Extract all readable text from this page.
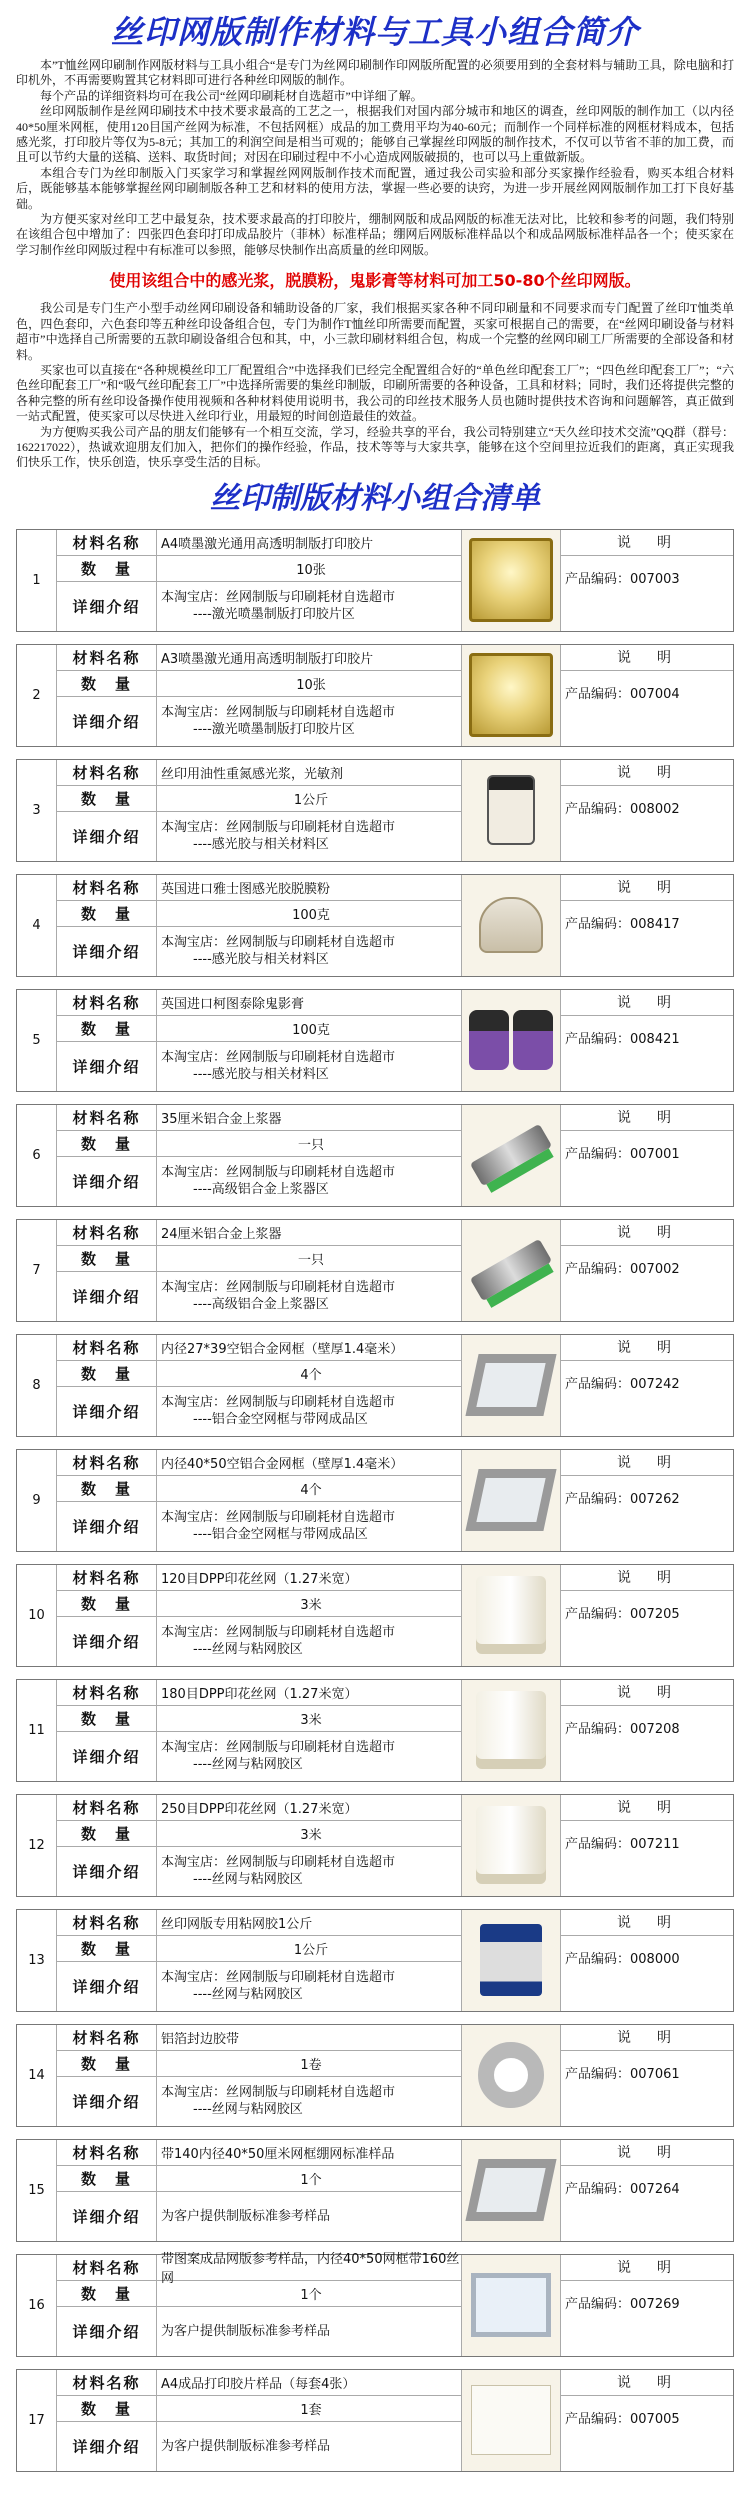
丝印网版制作材料与工具小组合简介

本”T恤丝网印刷制作网版材料与工具小组合“是专门为丝网印刷制作印网版所配置的必须要用到的全套材料与辅助工具，除电脑和打印机外，不再需要购置其它材料即可进行各种丝印网版的制作。

每个产品的详细资料均可在我公司“丝网印刷耗材自选超市”中详细了解。

丝印网版制作是丝网印刷技术中技术要求最高的工艺之一，根据我们对国内部分城市和地区的调查，丝印网版的制作加工（以内径40*50厘米网框，使用120目国产丝网为标准，不包括网框）成品的加工费用平均为40-60元；而制作一个同样标准的网框材料成本，包括感光浆，打印胶片等仅为5-8元；其加工的利润空间是相当可观的；能够自己掌握丝印网版的制作技术，不仅可以节省不菲的加工费，而且可以节约大量的送稿、送料、取货时间；对因在印刷过程中不小心造成网版破损的，也可以马上重做新版。

本组合专门为丝印制版入门买家学习和掌握丝网网版制作技术而配置，通过我公司实验和部分买家操作经验看，购买本组合材料后，既能够基本能够掌握丝网印刷制版各种工艺和材料的使用方法，掌握一些必要的诀窍，为进一步开展丝网网版制作加工打下良好基础。

为方便买家对丝印工艺中最复杂，技术要求最高的打印胶片，绷制网版和成品网版的标准无法对比，比较和参考的问题，我们特别在该组合包中增加了：四张四色套印打印成品胶片（菲林）标准样品；绷网后网版标准样品以个和成品网版标准样品各一个；使买家在学习制作丝印网版过程中有标准可以参照，能够尽快制作出高质量的丝印网版。

使用该组合中的感光浆，脱膜粉，鬼影膏等材料可加工50-80个丝印网版。

我公司是专门生产小型手动丝网印刷设备和辅助设备的厂家，我们根据买家各种不同印刷量和不同要求而专门配置了丝印T恤类单色，四色套印，六色套印等五种丝印设备组合包，专门为制作T恤丝印所需要而配置，买家可根据自己的需要，在“丝网印刷设备与材料超市”中选择自己所需要的五款印刷设备组合包和其，中，小三款印刷材料组合包，构成一个完整的丝网印刷工厂所需要的全部设备和材料。

买家也可以直接在“各种规模丝印工厂配置组合”中选择我们已经完全配置组合好的“单色丝印配套工厂”；“四色丝印配套工厂”；“六色丝印配套工厂”和“吸气丝印配套工厂”中选择所需要的集丝印制版，印刷所需要的各种设备，工具和材料；同时，我们还将提供完整的各种完整的所有丝印设备操作使用视频和各种材料使用说明书，我公司的印丝技术服务人员也随时提供技术咨询和问题解答，真正做到一站式配置，使买家可以尽快进入丝印行业，用最短的时间创造最佳的效益。

为方便购买我公司产品的朋友们能够有一个相互交流，学习，经验共享的平台，我公司特别建立“天久丝印技术交流”QQ群（群号：162217022），热诚欢迎朋友们加入，把你们的操作经验，作品，技术等等与大家共享，能够在这个空间里拉近我们的距离，真正实现我们快乐工作，快乐创造，快乐享受生活的目标。

丝印制版材料小组合清单
1
材料名称	A4喷墨激光通用高透明制版打印胶片
数　量	10张
详细介绍	本淘宝店：丝网制版与印刷耗材自选超市
----激光喷墨制版打印胶片区
说　明
产品编码：007003
2
材料名称	A3喷墨激光通用高透明制版打印胶片
数　量	10张
详细介绍	本淘宝店：丝网制版与印刷耗材自选超市
----激光喷墨制版打印胶片区
说　明
产品编码：007004
3
材料名称	丝印用油性重氮感光浆，光敏剂
数　量	1公斤
详细介绍	本淘宝店：丝网制版与印刷耗材自选超市
----感光胶与相关材料区
说　明
产品编码：008002
4
材料名称	英国进口雅士图感光胶脱膜粉
数　量	100克
详细介绍	本淘宝店：丝网制版与印刷耗材自选超市
----感光胶与相关材料区
说　明
产品编码：008417
5
材料名称	英国进口柯图泰除鬼影膏
数　量	100克
详细介绍	本淘宝店：丝网制版与印刷耗材自选超市
----感光胶与相关材料区
说　明
产品编码：008421
6
材料名称	35厘米铝合金上浆器
数　量	一只
详细介绍	本淘宝店：丝网制版与印刷耗材自选超市
----高级铝合金上浆器区
说　明
产品编码：007001
7
材料名称	24厘米铝合金上浆器
数　量	一只
详细介绍	本淘宝店：丝网制版与印刷耗材自选超市
----高级铝合金上浆器区
说　明
产品编码：007002
8
材料名称	内径27*39空铝合金网框（壁厚1.4毫米）
数　量	4个
详细介绍	本淘宝店：丝网制版与印刷耗材自选超市
----铝合金空网框与带网成品区
说　明
产品编码：007242
9
材料名称	内径40*50空铝合金网框（壁厚1.4毫米）
数　量	4个
详细介绍	本淘宝店：丝网制版与印刷耗材自选超市
----铝合金空网框与带网成品区
说　明
产品编码：007262
10
材料名称	120目DPP印花丝网（1.27米宽）
数　量	3米
详细介绍	本淘宝店：丝网制版与印刷耗材自选超市
----丝网与粘网胶区
说　明
产品编码：007205
11
材料名称	180目DPP印花丝网（1.27米宽）
数　量	3米
详细介绍	本淘宝店：丝网制版与印刷耗材自选超市
----丝网与粘网胶区
说　明
产品编码：007208
12
材料名称	250目DPP印花丝网（1.27米宽）
数　量	3米
详细介绍	本淘宝店：丝网制版与印刷耗材自选超市
----丝网与粘网胶区
说　明
产品编码：007211
13
材料名称	丝印网版专用粘网胶1公斤
数　量	1公斤
详细介绍	本淘宝店：丝网制版与印刷耗材自选超市
----丝网与粘网胶区
说　明
产品编码：008000
14
材料名称	铝箔封边胶带
数　量	1卷
详细介绍	本淘宝店：丝网制版与印刷耗材自选超市
----丝网与粘网胶区
说　明
产品编码：007061
15
材料名称	带140内径40*50厘米网框绷网标准样品
数　量	1个
详细介绍	为客户提供制版标准参考样品
说　明
产品编码：007264
16
材料名称	带图案成品网版参考样品，内径40*50网框带160丝网
数　量	1个
详细介绍	为客户提供制版标准参考样品
说　明
产品编码：007269
17
材料名称	A4成品打印胶片样品（每套4张）
数　量	1套
详细介绍	为客户提供制版标准参考样品
说　明
产品编码：007005
